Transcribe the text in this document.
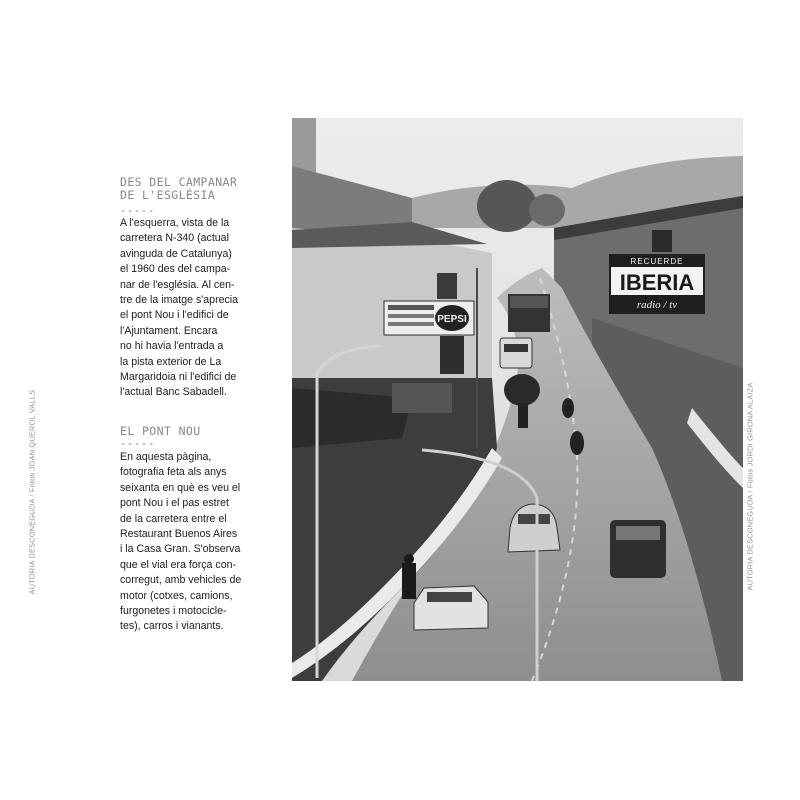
AUTORIA DESCONEGUDA / Fotos JOAN QUEROL VALLS
DES DEL CAMPANAR
DE L'ESGLÉSIA
-----

A l'esquerra, vista de la
carretera N-340 (actual
avinguda de Catalunya)
el 1960 des del campa-
nar de l'església. Al cen-
tre de la imatge s'aprecia
el pont Nou i l'edifici de
l'Ajuntament. Encara
no hi havia l'entrada a
la pista exterior de La
Margaridoia ni l'edifici de
l'actual Banc Sabadell.

EL PONT NOU
-----

En aquesta pàgina,
fotografia feta als anys
seixanta en què es veu el
pont Nou i el pas estret
de la carretera entre el
Restaurant Buenos Aires
i la Casa Gran. S'observa
que el vial era força con-
corregut, amb vehicles de
motor (cotxes, camions,
furgonetes i motocicle-
tes), carros i vianants.

PEPSI
RECUERDE
IBERIA
radio / tv
AUTORIA DESCONEGUDA / Fotos JORDI GIRONA ALAIZA
